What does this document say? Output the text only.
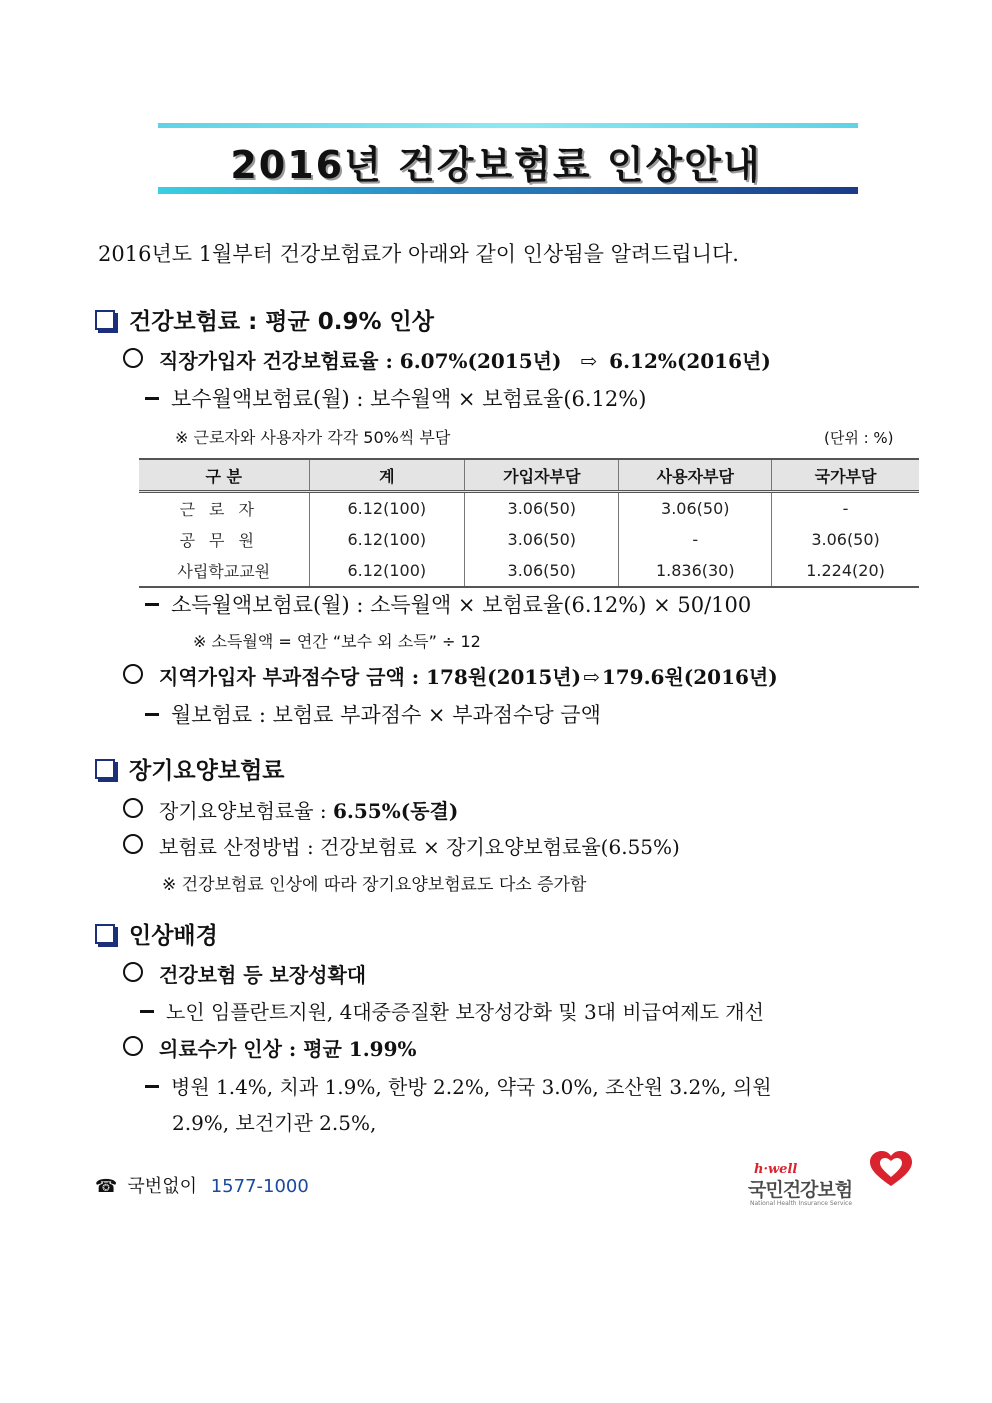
2016년 건강보험료 인상안내
2016년도 1월부터 건강보험료가 아래와 같이 인상됨을 알려드립니다.
건강보험료 : 평균 0.9% 인상
직장가입자 건강보험료율 : 6.07%(2015년) ⇨ 6.12%(2016년)
보수월액보험료(월) : 보수월액 × 보험료율(6.12%)
※ 근로자와 사용자가 각각 50%씩 부담	(단위 : %)
구 분	계	가입자부담	사용자부담	국가부담
근로자	6.12(100)	3.06(50)	3.06(50)	-
공무원	6.12(100)	3.06(50)	-	3.06(50)
사립학교교원	6.12(100)	3.06(50)	1.836(30)	1.224(20)
소득월액보험료(월) : 소득월액 × 보험료율(6.12%) × 50/100
※ 소득월액 = 연간 “보수 외 소득” ÷ 12
지역가입자 부과점수당 금액 : 178원(2015년) ⇨ 179.6원(2016년)
월보험료 : 보험료 부과점수 × 부과점수당 금액
장기요양보험료
장기요양보험료율 : 6.55%(동결)
보험료 산정방법 : 건강보험료 × 장기요양보험료율(6.55%)
※ 건강보험료 인상에 따라 장기요양보험료도 다소 증가함
인상배경
건강보험 등 보장성확대
노인 임플란트지원, 4대중증질환 보장성강화 및 3대 비급여제도 개선
의료수가 인상 : 평균 1.99%
병원 1.4%, 치과 1.9%, 한방 2.2%, 약국 3.0%, 조산원 3.2%, 의원
2.9%, 보건기관 2.5%,
☎ 국번없이 1577-1000
h·well
국민건강보험
National Health Insurance Service
